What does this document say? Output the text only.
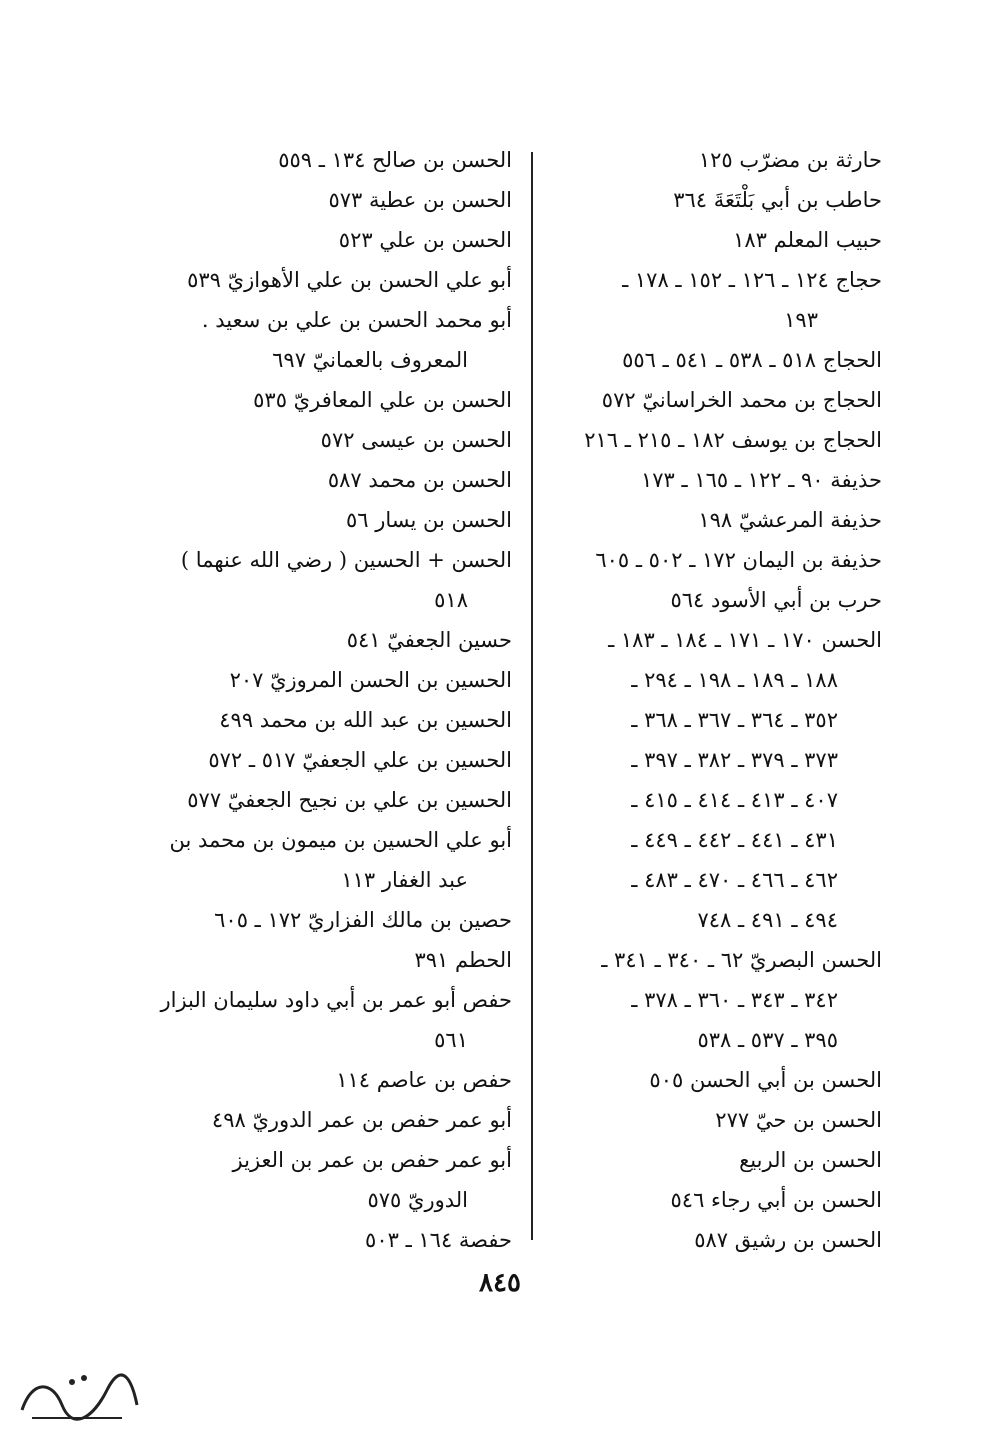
حارثة بن مضرّب ١٢٥
حاطب بن أبي بَلْتَعَةَ ٣٦٤
حبيب المعلم ١٨٣
حجاج ١٢٤ ـ ١٢٦ ـ ١٥٢ ـ ١٧٨ ـ
١٩٣
الحجاج ٥١٨ ـ ٥٣٨ ـ ٥٤١ ـ ٥٥٦
الحجاج بن محمد الخراسانيّ ٥٧٢
الحجاج بن يوسف ١٨٢ ـ ٢١٥ ـ ٢١٦
حذيفة ٩٠ ـ ١٢٢ ـ ١٦٥ ـ ١٧٣
حذيفة المرعشيّ ١٩٨
حذيفة بن اليمان ١٧٢ ـ ٥٠٢ ـ ٦٠٥
حرب بن أبي الأسود ٥٦٤
الحسن ١٧٠ ـ ١٧١ ـ ١٨٤ ـ ١٨٣ ـ
١٨٨ ـ ١٨٩ ـ ١٩٨ ـ ٢٩٤ ـ
٣٥٢ ـ ٣٦٤ ـ ٣٦٧ ـ ٣٦٨ ـ
٣٧٣ ـ ٣٧٩ ـ ٣٨٢ ـ ٣٩٧ ـ
٤٠٧ ـ ٤١٣ ـ ٤١٤ ـ ٤١٥ ـ
٤٣١ ـ ٤٤١ ـ ٤٤٢ ـ ٤٤٩ ـ
٤٦٢ ـ ٤٦٦ ـ ٤٧٠ ـ ٤٨٣ ـ
٤٩٤ ـ ٤٩١ ـ ٧٤٨
الحسن البصريّ ٦٢ ـ ٣٤٠ ـ ٣٤١ ـ
٣٤٢ ـ ٣٤٣ ـ ٣٦٠ ـ ٣٧٨ ـ
٣٩٥ ـ ٥٣٧ ـ ٥٣٨
الحسن بن أبي الحسن ٥٠٥
الحسن بن حيّ ٢٧٧
الحسن بن الربيع
الحسن بن أبي رجاء ٥٤٦
الحسن بن رشيق ٥٨٧
الحسن بن صالح ١٣٤ ـ ٥٥٩
الحسن بن عطية ٥٧٣
الحسن بن علي ٥٢٣
أبو علي الحسن بن علي الأهوازيّ ٥٣٩
أبو محمد الحسن بن علي بن سعيد .
المعروف بالعمانيّ ٦٩٧
الحسن بن علي المعافريّ ٥٣٥
الحسن بن عيسى ٥٧٢
الحسن بن محمد ٥٨٧
الحسن بن يسار ٥٦
الحسن + الحسين ( رضي الله عنهما )
٥١٨
حسين الجعفيّ ٥٤١
الحسين بن الحسن المروزيّ ٢٠٧
الحسين بن عبد الله بن محمد ٤٩٩
الحسين بن علي الجعفيّ ٥١٧ ـ ٥٧٢
الحسين بن علي بن نجيح الجعفيّ ٥٧٧
أبو علي الحسين بن ميمون بن محمد بن
عبد الغفار ١١٣
حصين بن مالك الفزاريّ ١٧٢ ـ ٦٠٥
الحطم ٣٩١
حفص أبو عمر بن أبي داود سليمان البزار
٥٦١
حفص بن عاصم ١١٤
أبو عمر حفص بن عمر الدوريّ ٤٩٨
أبو عمر حفص بن عمر بن العزيز
الدوريّ ٥٧٥
حفصة ١٦٤ ـ ٥٠٣
٨٤٥
